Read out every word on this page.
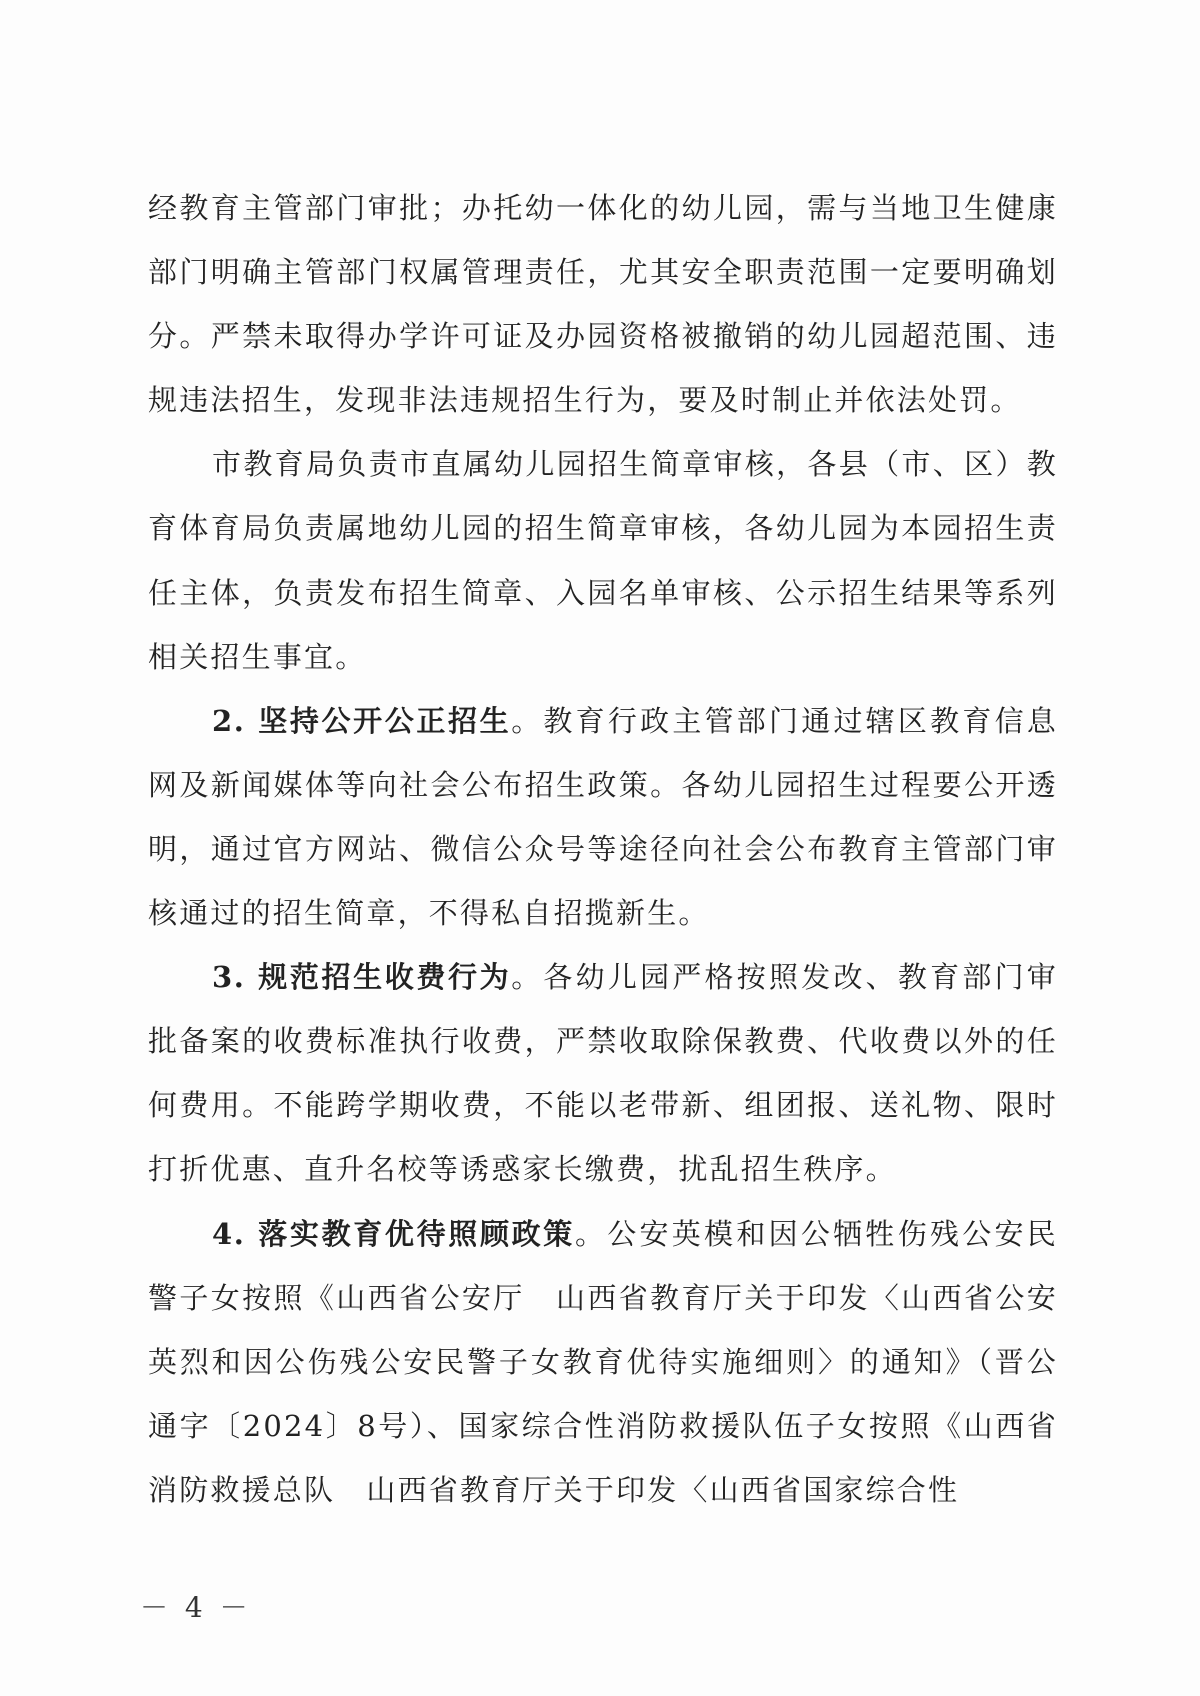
经教育主管部门审批；办托幼一体化的幼儿园，需与当地卫生健康部门明确主管部门权属管理责任，尤其安全职责范围一定要明确划分。严禁未取得办学许可证及办园资格被撤销的幼儿园超范围、违规违法招生，发现非法违规招生行为，要及时制止并依法处罚。

市教育局负责市直属幼儿园招生简章审核，各县（市、区）教育体育局负责属地幼儿园的招生简章审核，各幼儿园为本园招生责任主体，负责发布招生简章、入园名单审核、公示招生结果等系列相关招生事宜。

2. 坚持公开公正招生。教育行政主管部门通过辖区教育信息网及新闻媒体等向社会公布招生政策。各幼儿园招生过程要公开透明，通过官方网站、微信公众号等途径向社会公布教育主管部门审核通过的招生简章，不得私自招揽新生。

3. 规范招生收费行为。各幼儿园严格按照发改、教育部门审批备案的收费标准执行收费，严禁收取除保教费、代收费以外的任何费用。不能跨学期收费，不能以老带新、组团报、送礼物、限时打折优惠、直升名校等诱惑家长缴费，扰乱招生秩序。

4. 落实教育优待照顾政策。公安英模和因公牺牲伤残公安民警子女按照《山西省公安厅　山西省教育厅关于印发〈山西省公安英烈和因公伤残公安民警子女教育优待实施细则〉的通知》（晋公通字〔2024〕8号）、国家综合性消防救援队伍子女按照《山西省消防救援总队　山西省教育厅关于印发〈山西省国家综合性

－ 4 －
